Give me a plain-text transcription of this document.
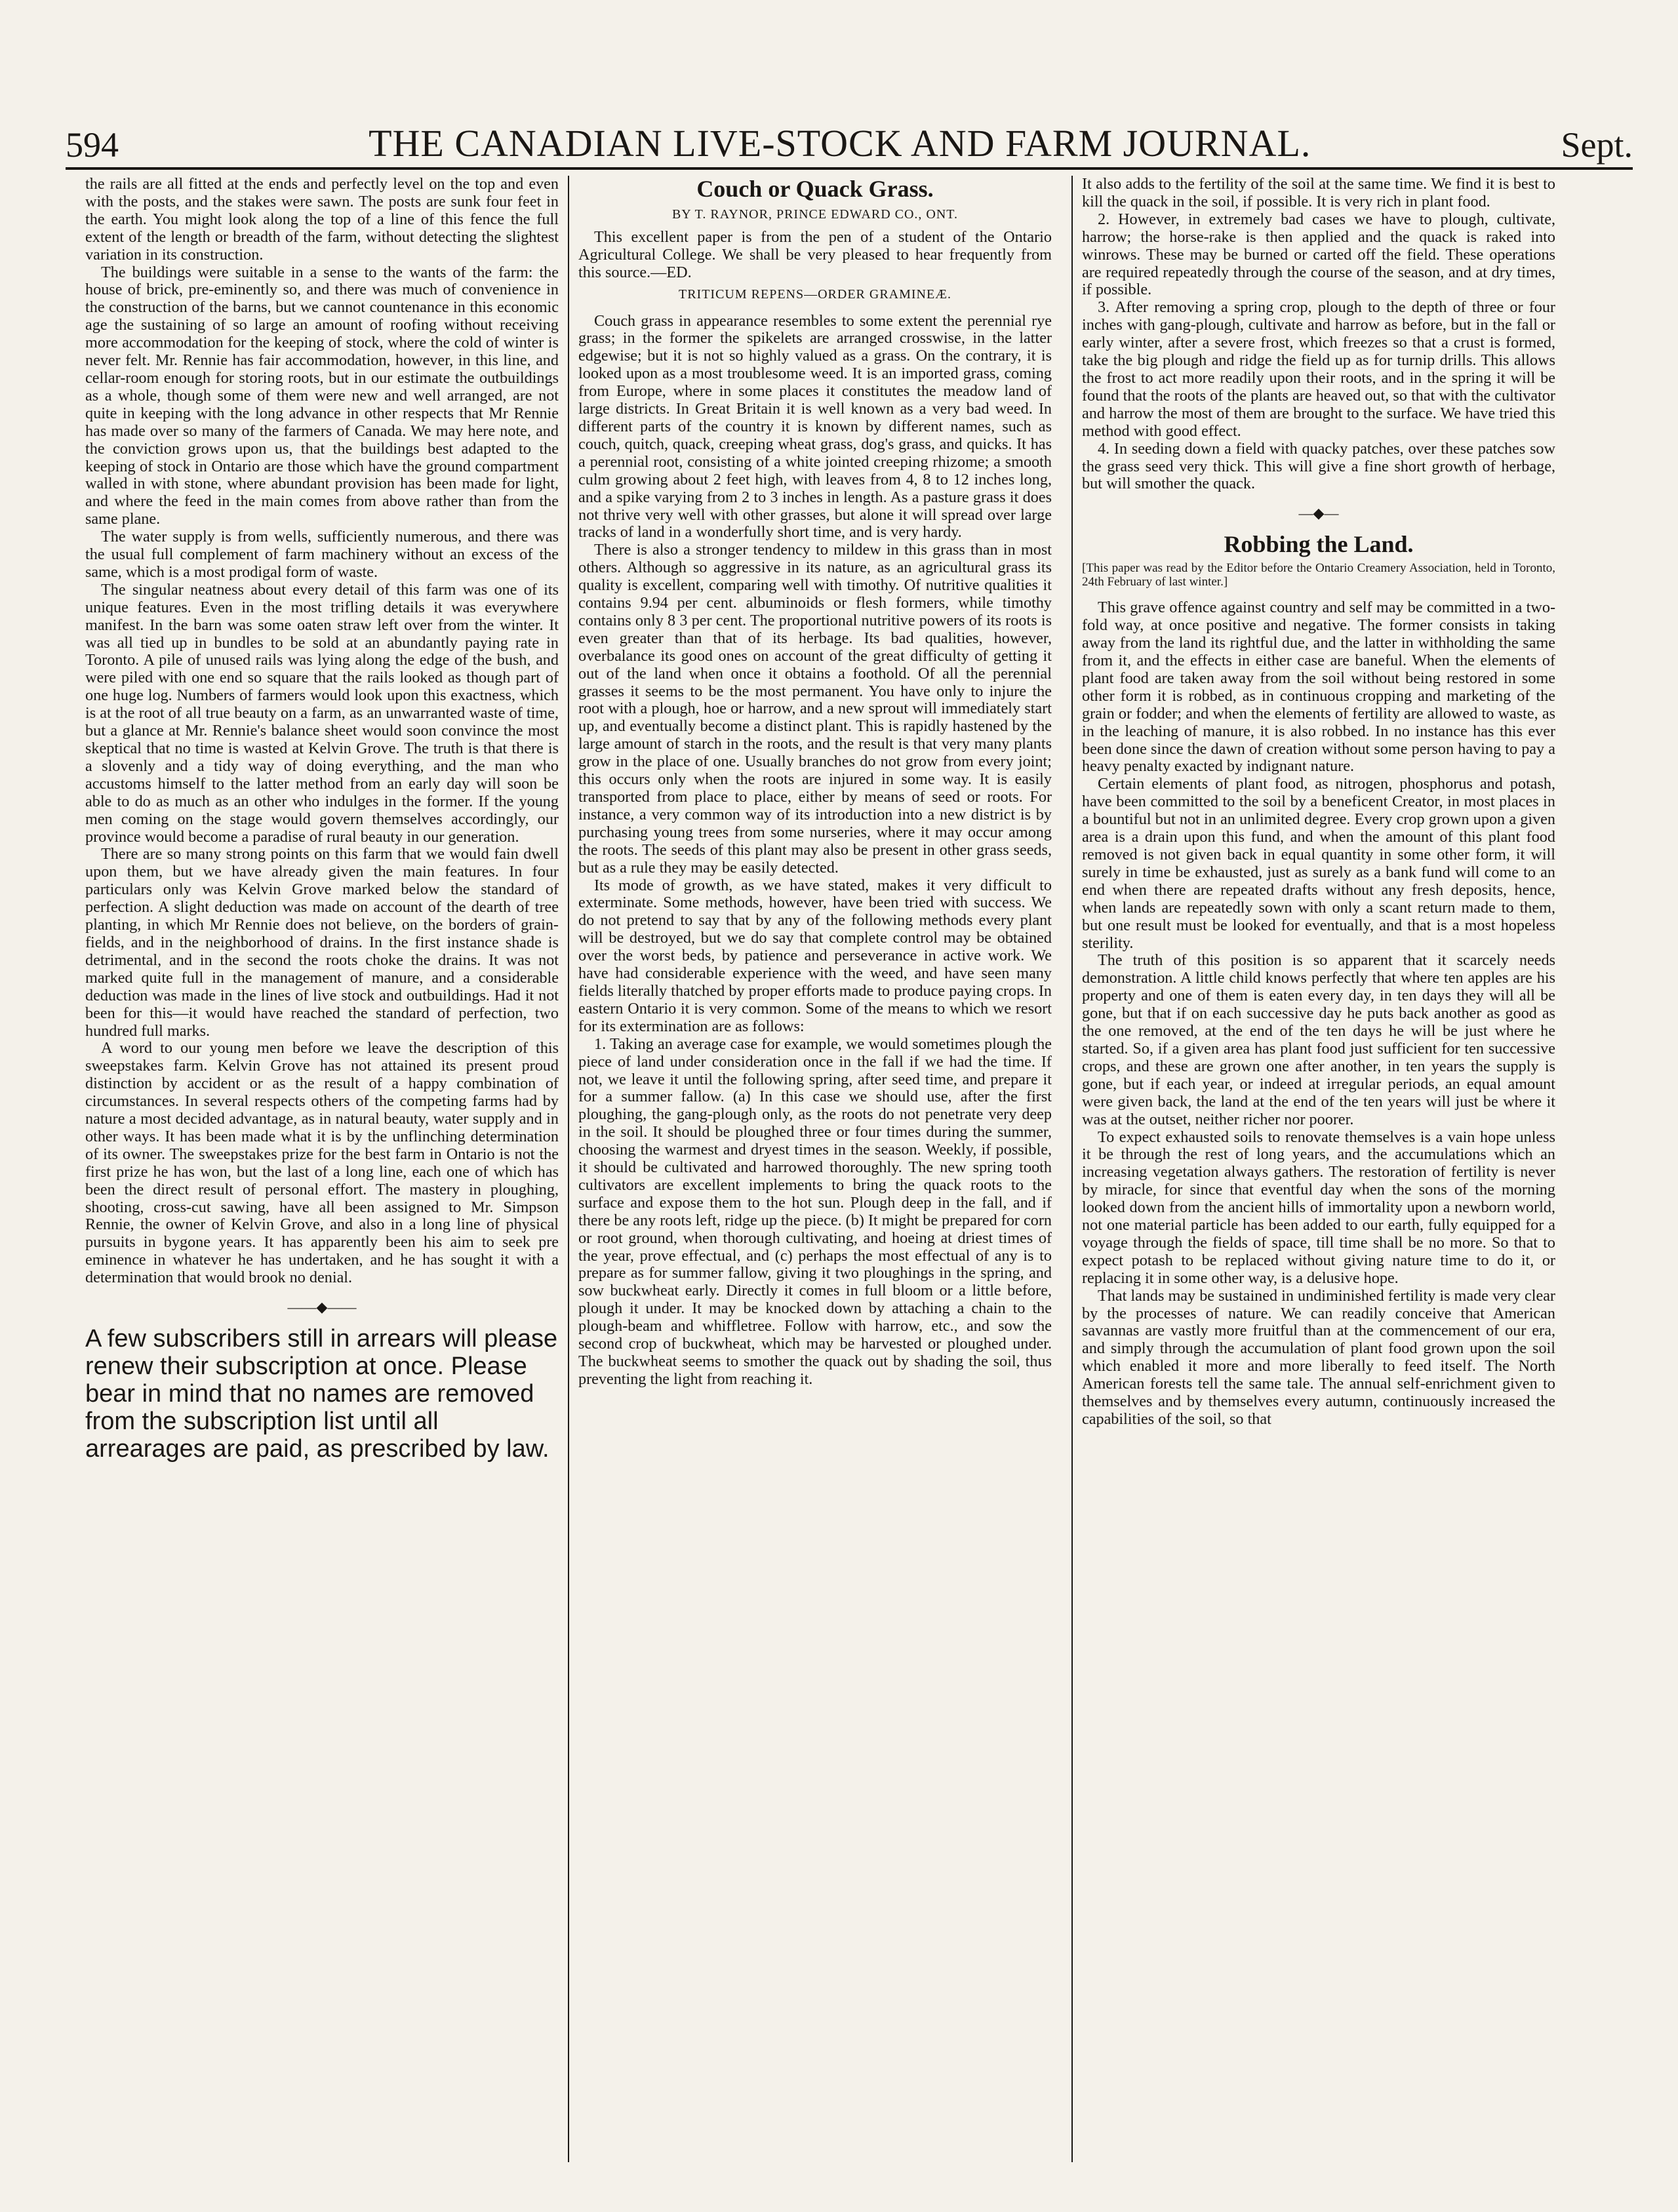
594	THE CANADIAN LIVE-STOCK AND FARM JOURNAL.	Sept.

the rails are all fitted at the ends and perfectly level on the top and even with the posts, and the stakes were sawn. The posts are sunk four feet in the earth. You might look along the top of a line of this fence the full extent of the length or breadth of the farm, without detecting the slightest variation in its construction.

The buildings were suitable in a sense to the wants of the farm: the house of brick, pre-eminently so, and there was much of convenience in the construction of the barns, but we cannot countenance in this economic age the sustaining of so large an amount of roofing without receiving more accommodation for the keeping of stock, where the cold of winter is never felt. Mr. Rennie has fair accommodation, however, in this line, and cellar-room enough for storing roots, but in our estimate the outbuildings as a whole, though some of them were new and well arranged, are not quite in keeping with the long advance in other respects that Mr Rennie has made over so many of the farmers of Canada. We may here note, and the conviction grows upon us, that the buildings best adapted to the keeping of stock in Ontario are those which have the ground compartment walled in with stone, where abundant provision has been made for light, and where the feed in the main comes from above rather than from the same plane.

The water supply is from wells, sufficiently numerous, and there was the usual full complement of farm machinery without an excess of the same, which is a most prodigal form of waste.

The singular neatness about every detail of this farm was one of its unique features. Even in the most trifling details it was everywhere manifest. In the barn was some oaten straw left over from the winter. It was all tied up in bundles to be sold at an abundantly paying rate in Toronto. A pile of unused rails was lying along the edge of the bush, and were piled with one end so square that the rails looked as though part of one huge log. Numbers of farmers would look upon this exactness, which is at the root of all true beauty on a farm, as an unwarranted waste of time, but a glance at Mr. Rennie's balance sheet would soon convince the most skeptical that no time is wasted at Kelvin Grove. The truth is that there is a slovenly and a tidy way of doing everything, and the man who accustoms himself to the latter method from an early day will soon be able to do as much as an other who indulges in the former. If the young men coming on the stage would govern themselves accordingly, our province would become a paradise of rural beauty in our generation.

There are so many strong points on this farm that we would fain dwell upon them, but we have already given the main features. In four particulars only was Kelvin Grove marked below the standard of perfection. A slight deduction was made on account of the dearth of tree planting, in which Mr Rennie does not believe, on the borders of grain-fields, and in the neighborhood of drains. In the first instance shade is detrimental, and in the second the roots choke the drains. It was not marked quite full in the management of manure, and a considerable deduction was made in the lines of live stock and outbuildings. Had it not been for this—it would have reached the standard of perfection, two hundred full marks.

A word to our young men before we leave the description of this sweepstakes farm. Kelvin Grove has not attained its present proud distinction by accident or as the result of a happy combination of circumstances. In several respects others of the competing farms had by nature a most decided advantage, as in natural beauty, water supply and in other ways. It has been made what it is by the unflinching determination of its owner. The sweepstakes prize for the best farm in Ontario is not the first prize he has won, but the last of a long line, each one of which has been the direct result of personal effort. The mastery in ploughing, shooting, cross-cut sawing, have all been assigned to Mr. Simpson Rennie, the owner of Kelvin Grove, and also in a long line of physical pursuits in bygone years. It has apparently been his aim to seek pre eminence in whatever he has undertaken, and he has sought it with a determination that would brook no denial.

——◆——

A few subscribers still in arrears will please renew their subscription at once. Please bear in mind that no names are removed from the subscription list until all arrearages are paid, as prescribed by law.

Couch or Quack Grass.
BY T. RAYNOR, PRINCE EDWARD CO., ONT.

This excellent paper is from the pen of a student of the Ontario Agricultural College. We shall be very pleased to hear frequently from this source.—ED.

TRITICUM REPENS—ORDER GRAMINEÆ.

Couch grass in appearance resembles to some extent the perennial rye grass; in the former the spikelets are arranged crosswise, in the latter edgewise; but it is not so highly valued as a grass. On the contrary, it is looked upon as a most troublesome weed. It is an imported grass, coming from Europe, where in some places it constitutes the meadow land of large districts. In Great Britain it is well known as a very bad weed. In different parts of the country it is known by different names, such as couch, quitch, quack, creeping wheat grass, dog's grass, and quicks. It has a perennial root, consisting of a white jointed creeping rhizome; a smooth culm growing about 2 feet high, with leaves from 4, 8 to 12 inches long, and a spike varying from 2 to 3 inches in length. As a pasture grass it does not thrive very well with other grasses, but alone it will spread over large tracks of land in a wonderfully short time, and is very hardy.

There is also a stronger tendency to mildew in this grass than in most others. Although so aggressive in its nature, as an agricultural grass its quality is excellent, comparing well with timothy. Of nutritive qualities it contains 9.94 per cent. albuminoids or flesh formers, while timothy contains only 8 3 per cent. The proportional nutritive powers of its roots is even greater than that of its herbage. Its bad qualities, however, overbalance its good ones on account of the great difficulty of getting it out of the land when once it obtains a foothold. Of all the perennial grasses it seems to be the most permanent. You have only to injure the root with a plough, hoe or harrow, and a new sprout will immediately start up, and eventually become a distinct plant. This is rapidly hastened by the large amount of starch in the roots, and the result is that very many plants grow in the place of one. Usually branches do not grow from every joint; this occurs only when the roots are injured in some way. It is easily transported from place to place, either by means of seed or roots. For instance, a very common way of its introduction into a new district is by purchasing young trees from some nurseries, where it may occur among the roots. The seeds of this plant may also be present in other grass seeds, but as a rule they may be easily detected.

Its mode of growth, as we have stated, makes it very difficult to exterminate. Some methods, however, have been tried with success. We do not pretend to say that by any of the following methods every plant will be destroyed, but we do say that complete control may be obtained over the worst beds, by patience and perseverance in active work. We have had considerable experience with the weed, and have seen many fields literally thatched by proper efforts made to produce paying crops. In eastern Ontario it is very common. Some of the means to which we resort for its extermination are as follows:

1. Taking an average case for example, we would sometimes plough the piece of land under consideration once in the fall if we had the time. If not, we leave it until the following spring, after seed time, and prepare it for a summer fallow. (a) In this case we should use, after the first ploughing, the gang-plough only, as the roots do not penetrate very deep in the soil. It should be ploughed three or four times during the summer, choosing the warmest and dryest times in the season. Weekly, if possible, it should be cultivated and harrowed thoroughly. The new spring tooth cultivators are excellent implements to bring the quack roots to the surface and expose them to the hot sun. Plough deep in the fall, and if there be any roots left, ridge up the piece. (b) It might be prepared for corn or root ground, when thorough cultivating, and hoeing at driest times of the year, prove effectual, and (c) perhaps the most effectual of any is to prepare as for summer fallow, giving it two ploughings in the spring, and sow buckwheat early. Directly it comes in full bloom or a little before, plough it under. It may be knocked down by attaching a chain to the plough-beam and whiffletree. Follow with harrow, etc., and sow the second crop of buckwheat, which may be harvested or ploughed under. The buckwheat seems to smother the quack out by shading the soil, thus preventing the light from reaching it.

It also adds to the fertility of the soil at the same time. We find it is best to kill the quack in the soil, if possible. It is very rich in plant food.

2. However, in extremely bad cases we have to plough, cultivate, harrow; the horse-rake is then applied and the quack is raked into winrows. These may be burned or carted off the field. These operations are required repeatedly through the course of the season, and at dry times, if possible.

3. After removing a spring crop, plough to the depth of three or four inches with gang-plough, cultivate and harrow as before, but in the fall or early winter, after a severe frost, which freezes so that a crust is formed, take the big plough and ridge the field up as for turnip drills. This allows the frost to act more readily upon their roots, and in the spring it will be found that the roots of the plants are heaved out, so that with the cultivator and harrow the most of them are brought to the surface. We have tried this method with good effect.

4. In seeding down a field with quacky patches, over these patches sow the grass seed very thick. This will give a fine short growth of herbage, but will smother the quack.

—◆—
Robbing the Land.

[This paper was read by the Editor before the Ontario Creamery Association, held in Toronto, 24th February of last winter.]

This grave offence against country and self may be committed in a two-fold way, at once positive and negative. The former consists in taking away from the land its rightful due, and the latter in withholding the same from it, and the effects in either case are baneful. When the elements of plant food are taken away from the soil without being restored in some other form it is robbed, as in continuous cropping and marketing of the grain or fodder; and when the elements of fertility are allowed to waste, as in the leaching of manure, it is also robbed. In no instance has this ever been done since the dawn of creation without some person having to pay a heavy penalty exacted by indignant nature.

Certain elements of plant food, as nitrogen, phosphorus and potash, have been committed to the soil by a beneficent Creator, in most places in a bountiful but not in an unlimited degree. Every crop grown upon a given area is a drain upon this fund, and when the amount of this plant food removed is not given back in equal quantity in some other form, it will surely in time be exhausted, just as surely as a bank fund will come to an end when there are repeated drafts without any fresh deposits, hence, when lands are repeatedly sown with only a scant return made to them, but one result must be looked for eventually, and that is a most hopeless sterility.

The truth of this position is so apparent that it scarcely needs demonstration. A little child knows perfectly that where ten apples are his property and one of them is eaten every day, in ten days they will all be gone, but that if on each successive day he puts back another as good as the one removed, at the end of the ten days he will be just where he started. So, if a given area has plant food just sufficient for ten successive crops, and these are grown one after another, in ten years the supply is gone, but if each year, or indeed at irregular periods, an equal amount were given back, the land at the end of the ten years will just be where it was at the outset, neither richer nor poorer.

To expect exhausted soils to renovate themselves is a vain hope unless it be through the rest of long years, and the accumulations which an increasing vegetation always gathers. The restoration of fertility is never by miracle, for since that eventful day when the sons of the morning looked down from the ancient hills of immortality upon a newborn world, not one material particle has been added to our earth, fully equipped for a voyage through the fields of space, till time shall be no more. So that to expect potash to be replaced without giving nature time to do it, or replacing it in some other way, is a delusive hope.

That lands may be sustained in undiminished fertility is made very clear by the processes of nature. We can readily conceive that American savannas are vastly more fruitful than at the commencement of our era, and simply through the accumulation of plant food grown upon the soil which enabled it more and more liberally to feed itself. The North American forests tell the same tale. The annual self-enrichment given to themselves and by themselves every autumn, continuously increased the capabilities of the soil, so that
